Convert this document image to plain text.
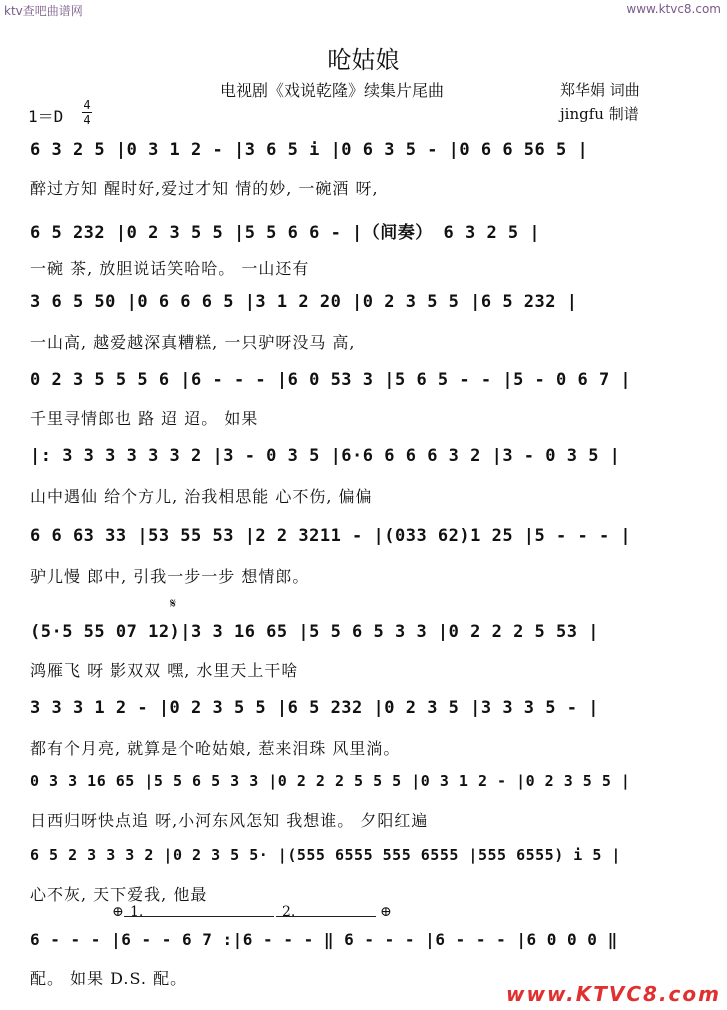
ktv查吧曲谱网	www.ktvc8.com
呛姑娘
电视剧《戏说乾隆》续集片尾曲	郑华娟 词曲
jingfu 制谱
1＝D
4
4
6 3 2 5 |0 3 1 2 - |3 6 5 i |0 6 3 5 - |0 6 6 56 5 |
醉过方知 醒时好,爱过才知 情的妙, 一碗酒 呀,
6 5 232 |0 2 3 5 5 |5 5 6 6 - |（间奏） 6 3 2 5 |
一碗 茶, 放胆说话笑哈哈。 一山还有
3 6 5 50 |0 6 6 6 5 |3 1 2 20 |0 2 3 5 5 |6 5 232 |
一山高, 越爱越深真糟糕, 一只驴呀没马 高,
0 2 3 5 5 5 6 |6 - - - |6 0 53 3 |5 6 5 - - |5 - 0 6 7 |
千里寻情郎也 路 迢 迢。 如果
|: 3 3 3 3 3 3 2 |3 - 0 3 5 |6·6 6 6 6 3 2 |3 - 0 3 5 |
山中遇仙 给个方儿, 治我相思能 心不伤, 偏偏
6 6 63 33 |53 55 53 |2 2 3211 - |(033 62)1 25 |5 - - - |
驴儿慢 郎中, 引我一步一步 想情郎。
𝄋
(5·5 55 07 12)|3 3 16 65 |5 5 6 5 3 3 |0 2 2 2 5 53 |
鸿雁飞 呀 影双双 嘿, 水里天上干啥
3 3 3 1 2 - |0 2 3 5 5 |6 5 232 |0 2 3 5 |3 3 3 5 - |
都有个月亮, 就算是个呛姑娘, 惹来泪珠 风里淌。
0 3 3 16 65 |5 5 6 5 3 3 |0 2 2 2 5 5 5 |0 3 1 2 - |0 2 3 5 5 |
日西归呀快点追 呀,小河东风怎知 我想谁。 夕阳红遍
6 5 2 3 3 3 2 |0 2 3 5 5· |(555 6555 555 6555 |555 6555) i 5 |
心不灰, 天下爱我, 他最
⊕ 1.	2.	⊕
6 - - - |6 - - 6 7 :|6 - - - ‖ 6 - - - |6 - - - |6 0 0 0 ‖
配。 如果 D.S. 配。
www.KTVC8.com
